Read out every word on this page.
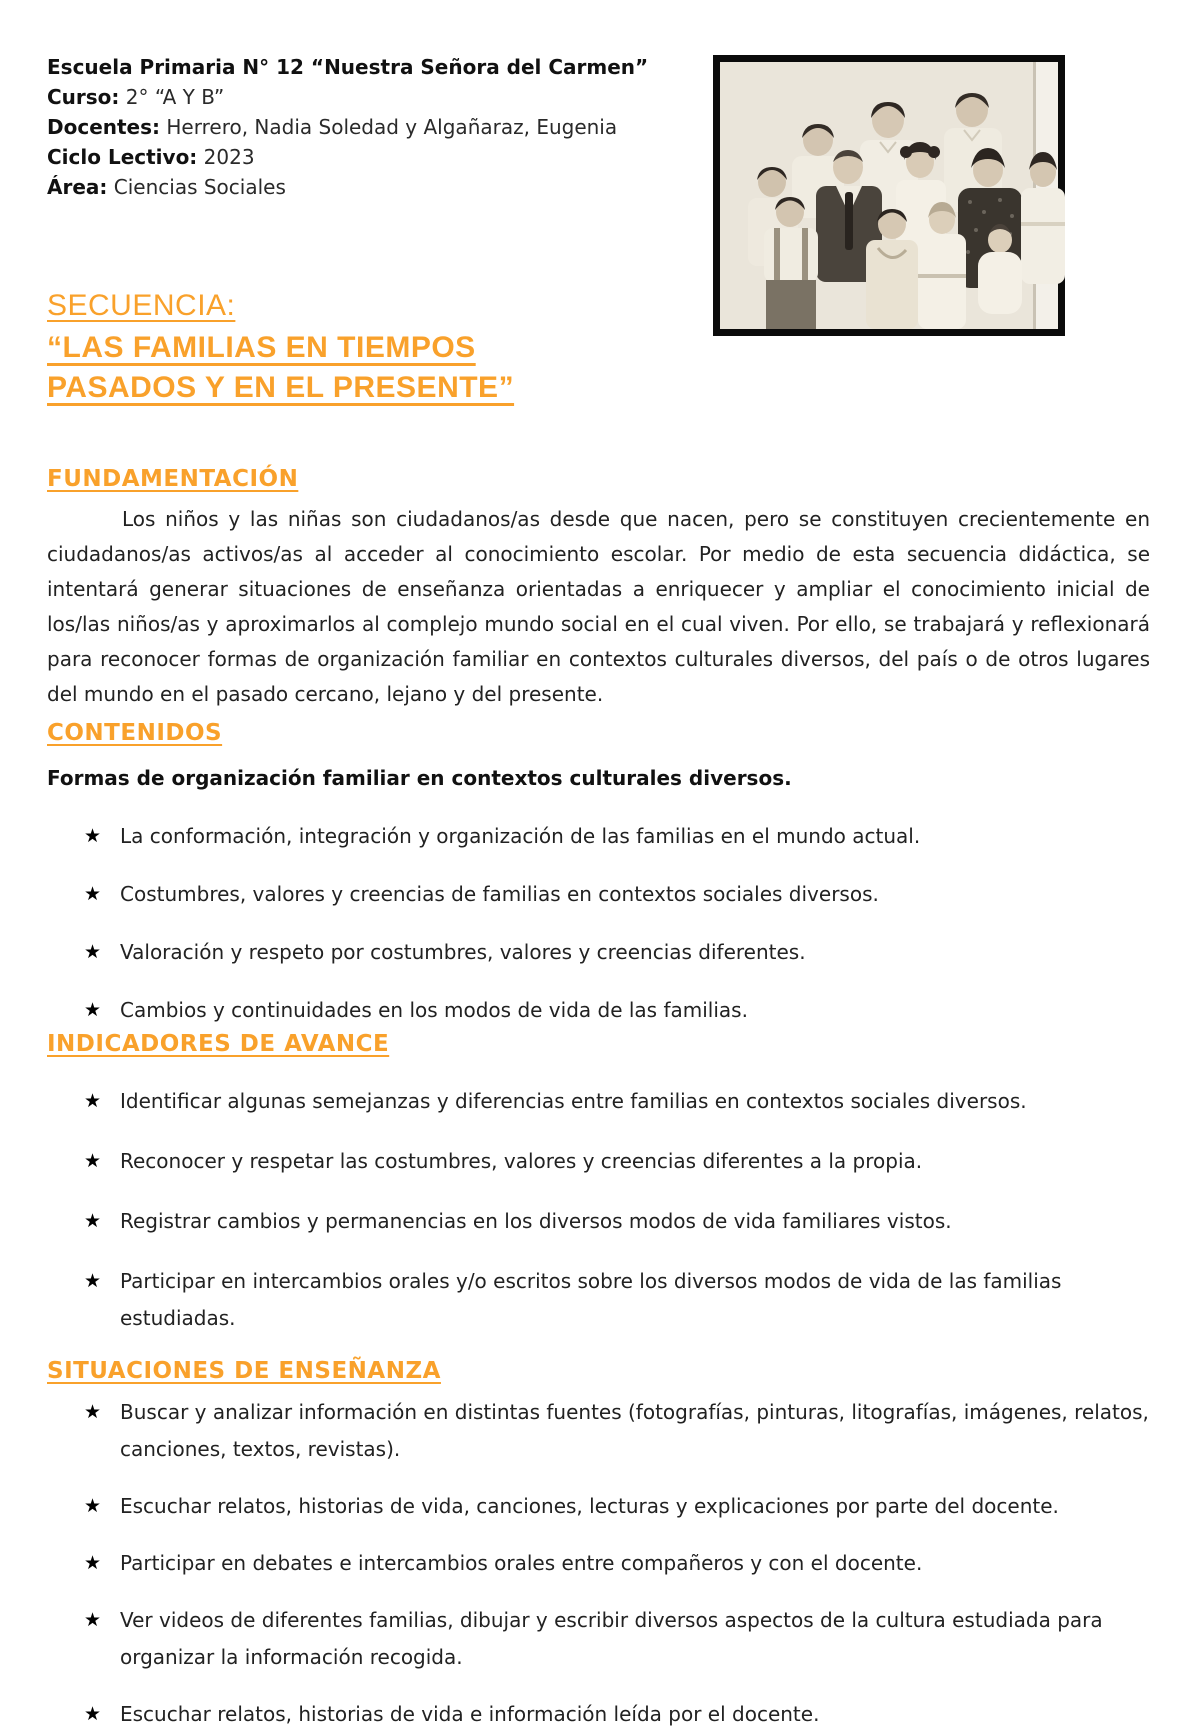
Escuela Primaria N° 12 “Nuestra Señora del Carmen”
Curso: 2° “A Y B”
Docentes: Herrero, Nadia Soledad y Algañaraz, Eugenia
Ciclo Lectivo: 2023
Área: Ciencias Sociales
SECUENCIA:
“LAS FAMILIAS EN TIEMPOS PASADOS Y EN EL PRESENTE”
FUNDAMENTACIÓN

Los niños y las niñas son ciudadanos/as desde que nacen, pero se constituyen crecientemente en ciudadanos/as activos/as al acceder al conocimiento escolar. Por medio de esta secuencia didáctica, se intentará generar situaciones de enseñanza orientadas a enriquecer y ampliar el conocimiento inicial de los/las niños/as y aproximarlos al complejo mundo social en el cual viven. Por ello, se trabajará y reflexionará para reconocer formas de organización familiar en contextos culturales diversos, del país o de otros lugares del mundo en el pasado cercano, lejano y del presente.

CONTENIDOS
Formas de organización familiar en contextos culturales diversos.
★ La conformación, integración y organización de las familias en el mundo actual.
★ Costumbres, valores y creencias de familias en contextos sociales diversos.
★ Valoración y respeto por costumbres, valores y creencias diferentes.
★ Cambios y continuidades en los modos de vida de las familias.
INDICADORES DE AVANCE
★ Identificar algunas semejanzas y diferencias entre familias en contextos sociales diversos.
★ Reconocer y respetar las costumbres, valores y creencias diferentes a la propia.
★ Registrar cambios y permanencias en los diversos modos de vida familiares vistos.
★ Participar en intercambios orales y/o escritos sobre los diversos modos de vida de las familias estudiadas.
SITUACIONES DE ENSEÑANZA
★ Buscar y analizar información en distintas fuentes (fotografías, pinturas, litografías, imágenes, relatos, canciones, textos, revistas).
★ Escuchar relatos, historias de vida, canciones, lecturas y explicaciones por parte del docente.
★ Participar en debates e intercambios orales entre compañeros y con el docente.
★ Ver videos de diferentes familias, dibujar y escribir diversos aspectos de la cultura estudiada para organizar la información recogida.
★ Escuchar relatos, historias de vida e información leída por el docente.
